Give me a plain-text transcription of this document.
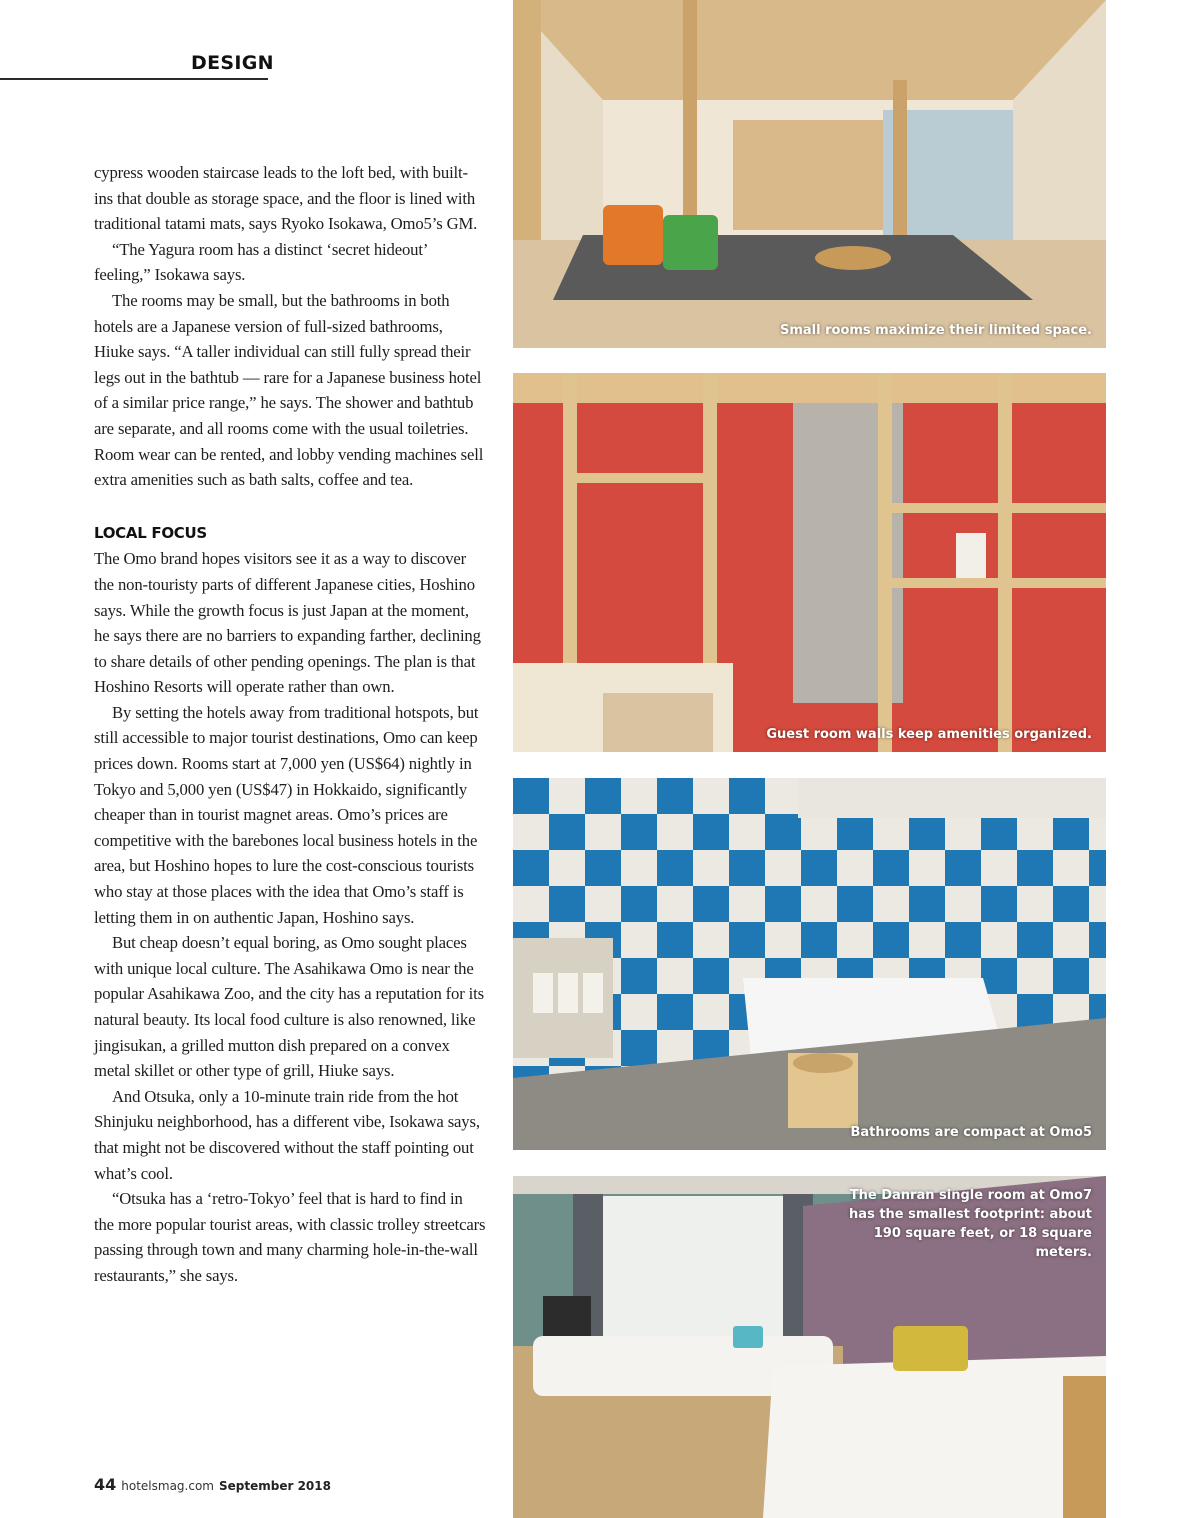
DESIGN

cypress wooden staircase leads to the loft bed, with built-ins that double as storage space, and the floor is lined with traditional tatami mats, says Ryoko Isokawa, Omo5’s GM.

“The Yagura room has a distinct ‘secret hideout’ feeling,” Isokawa says.

The rooms may be small, but the bathrooms in both hotels are a Japanese version of full-sized bathrooms, Hiuke says. “A taller individual can still fully spread their legs out in the bathtub — rare for a Japanese business hotel of a similar price range,” he says. The shower and bathtub are separate, and all rooms come with the usual toiletries. Room wear can be rented, and lobby vending machines sell extra amenities such as bath salts, coffee and tea.

LOCAL FOCUS

The Omo brand hopes visitors see it as a way to discover the non-touristy parts of different Japanese cities, Hoshino says. While the growth focus is just Japan at the moment, he says there are no barriers to expanding farther, declining to share details of other pending openings. The plan is that Hoshino Resorts will operate rather than own.

By setting the hotels away from traditional hotspots, but still accessible to major tourist destinations, Omo can keep prices down. Rooms start at 7,000 yen (US$64) nightly in Tokyo and 5,000 yen (US$47) in Hokkaido, significantly cheaper than in tourist magnet areas. Omo’s prices are competitive with the barebones local business hotels in the area, but Hoshino hopes to lure the cost-conscious tourists who stay at those places with the idea that Omo’s staff is letting them in on authentic Japan, Hoshino says.

But cheap doesn’t equal boring, as Omo sought places with unique local culture. The Asahikawa Omo is near the popular Asahikawa Zoo, and the city has a reputation for its natural beauty. Its local food culture is also renowned, like jingisukan, a grilled mutton dish prepared on a convex metal skillet or other type of grill, Hiuke says.

And Otsuka, only a 10-minute train ride from the hot Shinjuku neighborhood, has a different vibe, Isokawa says, that might not be discovered without the staff pointing out what’s cool.

“Otsuka has a ‘retro-Tokyo’ feel that is hard to find in the more popular tourist areas, with classic trolley streetcars passing through town and many charming hole-in-the-wall restaurants,” she says.

Small rooms maximize their limited space.
Guest room walls keep amenities organized.
Bathrooms are compact at Omo5
The Danran single room at Omo7 has the smallest footprint: about 190 square feet, or 18 square meters.
44 hotelsmag.com September 2018
